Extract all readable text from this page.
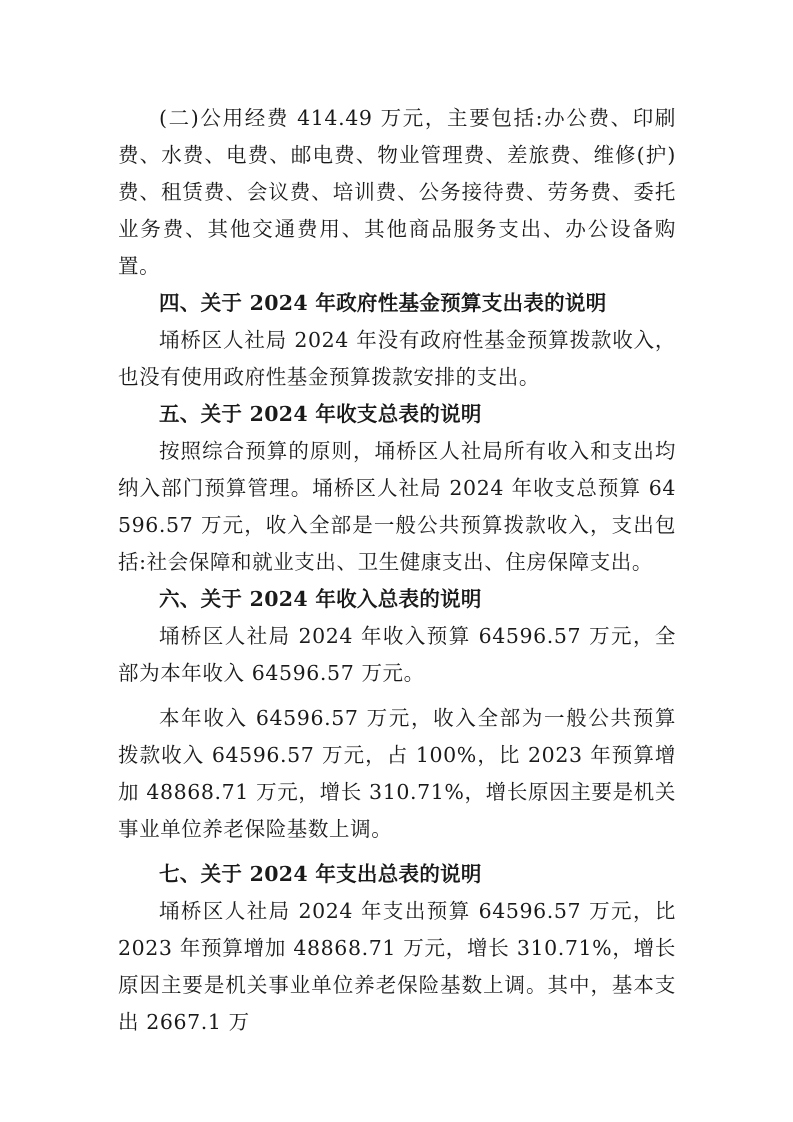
(二)公用经费 414.49 万元，主要包括:办公费、印刷费、水费、电费、邮电费、物业管理费、差旅费、维修(护)费、租赁费、会议费、培训费、公务接待费、劳务费、委托业务费、其他交通费用、其他商品服务支出、办公设备购置。

四、关于 2024 年政府性基金预算支出表的说明

埇桥区人社局 2024 年没有政府性基金预算拨款收入，也没有使用政府性基金预算拨款安排的支出。

五、关于 2024 年收支总表的说明

按照综合预算的原则，埇桥区人社局所有收入和支出均纳入部门预算管理。埇桥区人社局 2024 年收支总预算 64596.57 万元，收入全部是一般公共预算拨款收入，支出包括:社会保障和就业支出、卫生健康支出、住房保障支出。

六、关于 2024 年收入总表的说明

埇桥区人社局 2024 年收入预算 64596.57 万元，全部为本年收入 64596.57 万元。

本年收入 64596.57 万元，收入全部为一般公共预算拨款收入 64596.57 万元，占 100%，比 2023 年预算增加 48868.71 万元，增长 310.71%，增长原因主要是机关事业单位养老保险基数上调。

七、关于 2024 年支出总表的说明

埇桥区人社局 2024 年支出预算 64596.57 万元，比 2023 年预算增加 48868.71 万元，增长 310.71%，增长原因主要是机关事业单位养老保险基数上调。其中，基本支出 2667.1 万
